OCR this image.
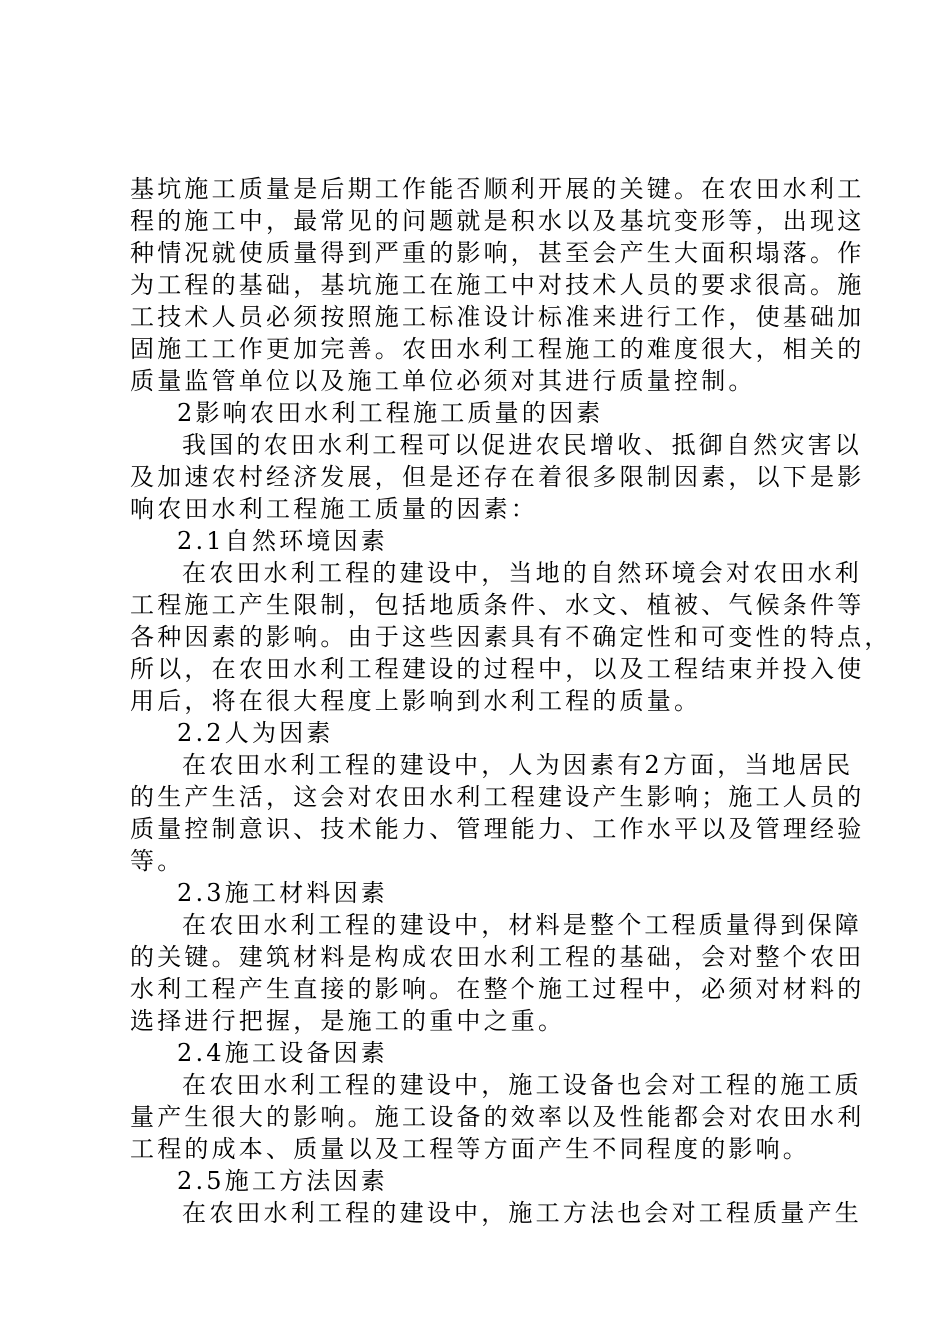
基坑施工质量是后期工作能否顺利开展的关键。在农田水利工
程的施工中，最常见的问题就是积水以及基坑变形等，出现这
种情况就使质量得到严重的影响，甚至会产生大面积塌落。作
为工程的基础，基坑施工在施工中对技术人员的要求很高。施
工技术人员必须按照施工标准设计标准来进行工作，使基础加
固施工工作更加完善。农田水利工程施工的难度很大，相关的
质量监管单位以及施工单位必须对其进行质量控制。
2影响农田水利工程施工质量的因素
我国的农田水利工程可以促进农民增收、抵御自然灾害以
及加速农村经济发展，但是还存在着很多限制因素，以下是影
响农田水利工程施工质量的因素：
2.1自然环境因素
在农田水利工程的建设中，当地的自然环境会对农田水利
工程施工产生限制，包括地质条件、水文、植被、气候条件等
各种因素的影响。由于这些因素具有不确定性和可变性的特点，
所以，在农田水利工程建设的过程中，以及工程结束并投入使
用后，将在很大程度上影响到水利工程的质量。
2.2人为因素
在农田水利工程的建设中，人为因素有2方面，当地居民
的生产生活，这会对农田水利工程建设产生影响；施工人员的
质量控制意识、技术能力、管理能力、工作水平以及管理经验
等。
2.3施工材料因素
在农田水利工程的建设中，材料是整个工程质量得到保障
的关键。建筑材料是构成农田水利工程的基础，会对整个农田
水利工程产生直接的影响。在整个施工过程中，必须对材料的
选择进行把握，是施工的重中之重。
2.4施工设备因素
在农田水利工程的建设中，施工设备也会对工程的施工质
量产生很大的影响。施工设备的效率以及性能都会对农田水利
工程的成本、质量以及工程等方面产生不同程度的影响。
2.5施工方法因素
在农田水利工程的建设中，施工方法也会对工程质量产生
